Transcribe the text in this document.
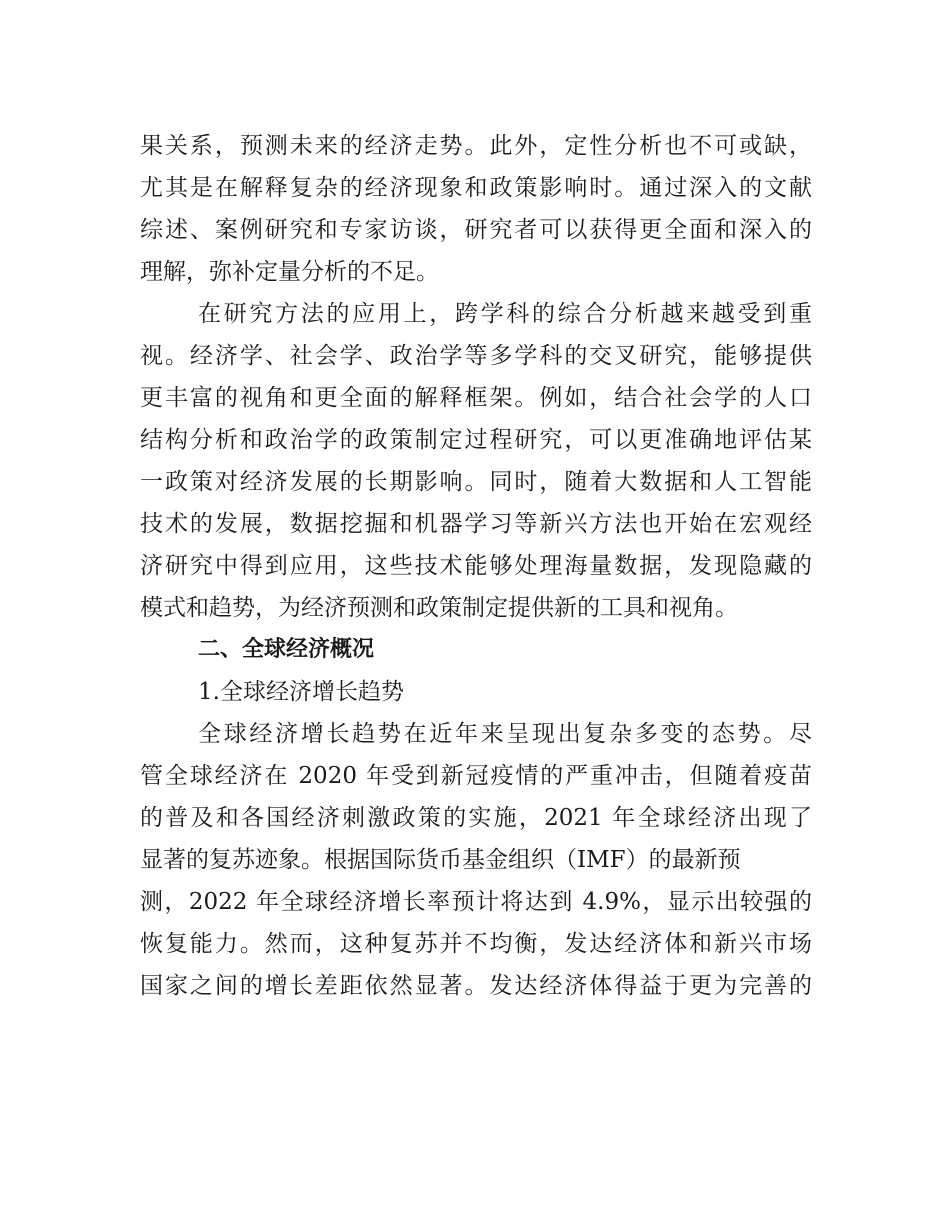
果关系，预测未来的经济走势。此外，定性分析也不可或缺，
尤其是在解释复杂的经济现象和政策影响时。通过深入的文献
综述、案例研究和专家访谈，研究者可以获得更全面和深入的
理解，弥补定量分析的不足。
在研究方法的应用上，跨学科的综合分析越来越受到重
视。经济学、社会学、政治学等多学科的交叉研究，能够提供
更丰富的视角和更全面的解释框架。例如，结合社会学的人口
结构分析和政治学的政策制定过程研究，可以更准确地评估某
一政策对经济发展的长期影响。同时，随着大数据和人工智能
技术的发展，数据挖掘和机器学习等新兴方法也开始在宏观经
济研究中得到应用，这些技术能够处理海量数据，发现隐藏的
模式和趋势，为经济预测和政策制定提供新的工具和视角。
二、全球经济概况
1.全球经济增长趋势
全球经济增长趋势在近年来呈现出复杂多变的态势。尽
管全球经济在 2020 年受到新冠疫情的严重冲击，但随着疫苗
的普及和各国经济刺激政策的实施，2021 年全球经济出现了
显著的复苏迹象。根据国际货币基金组织（IMF）的最新预
测，2022 年全球经济增长率预计将达到 4.9%，显示出较强的
恢复能力。然而，这种复苏并不均衡，发达经济体和新兴市场
国家之间的增长差距依然显著。发达经济体得益于更为完善的
